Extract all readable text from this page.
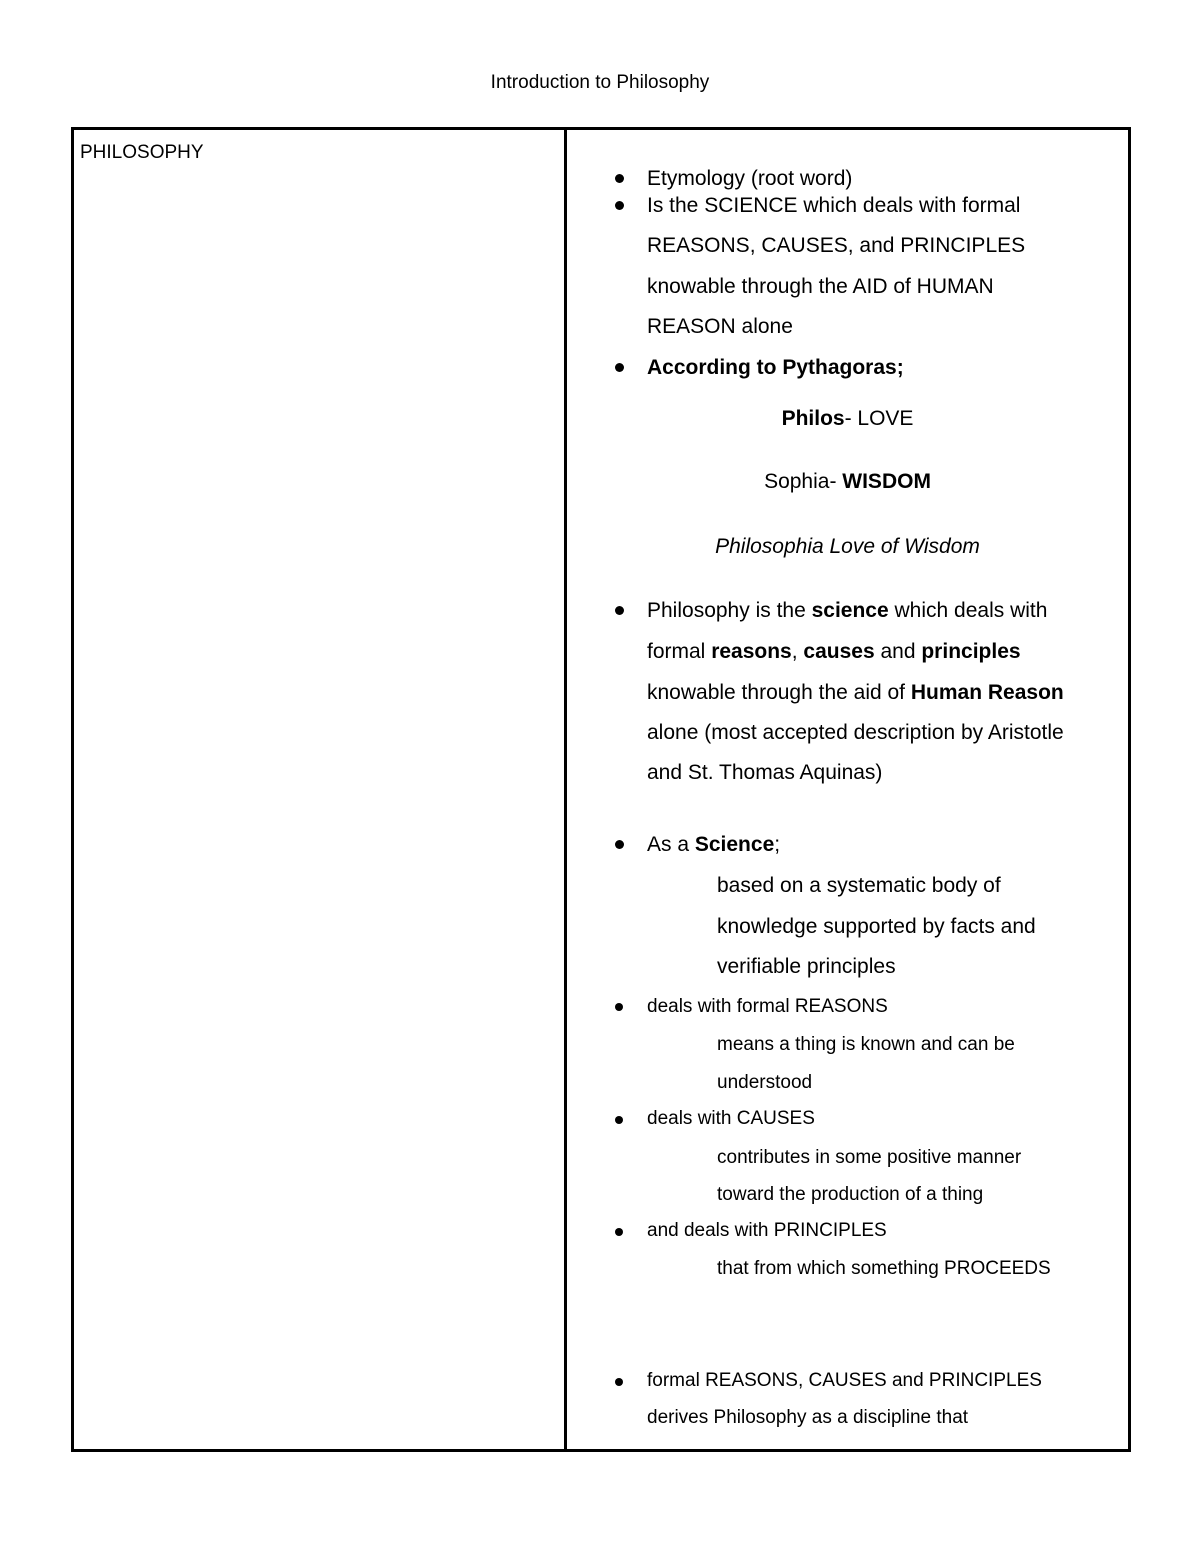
Introduction to Philosophy
PHILOSOPHY
Etymology (root word)
Is the SCIENCE which deals with formal
REASONS, CAUSES, and PRINCIPLES
knowable through the AID of HUMAN
REASON alone
According to Pythagoras;
Philos- LOVE
Sophia- WISDOM
Philosophia Love of Wisdom
Philosophy is the science which deals with
formal reasons, causes and principles
knowable through the aid of Human Reason
alone (most accepted description by Aristotle
and St. Thomas Aquinas)
As a Science;
based on a systematic body of
knowledge supported by facts and
verifiable principles
deals with formal REASONS
means a thing is known and can be
understood
deals with CAUSES
contributes in some positive manner
toward the production of a thing
and deals with PRINCIPLES
that from which something PROCEEDS
formal REASONS, CAUSES and PRINCIPLES
derives Philosophy as a discipline that
